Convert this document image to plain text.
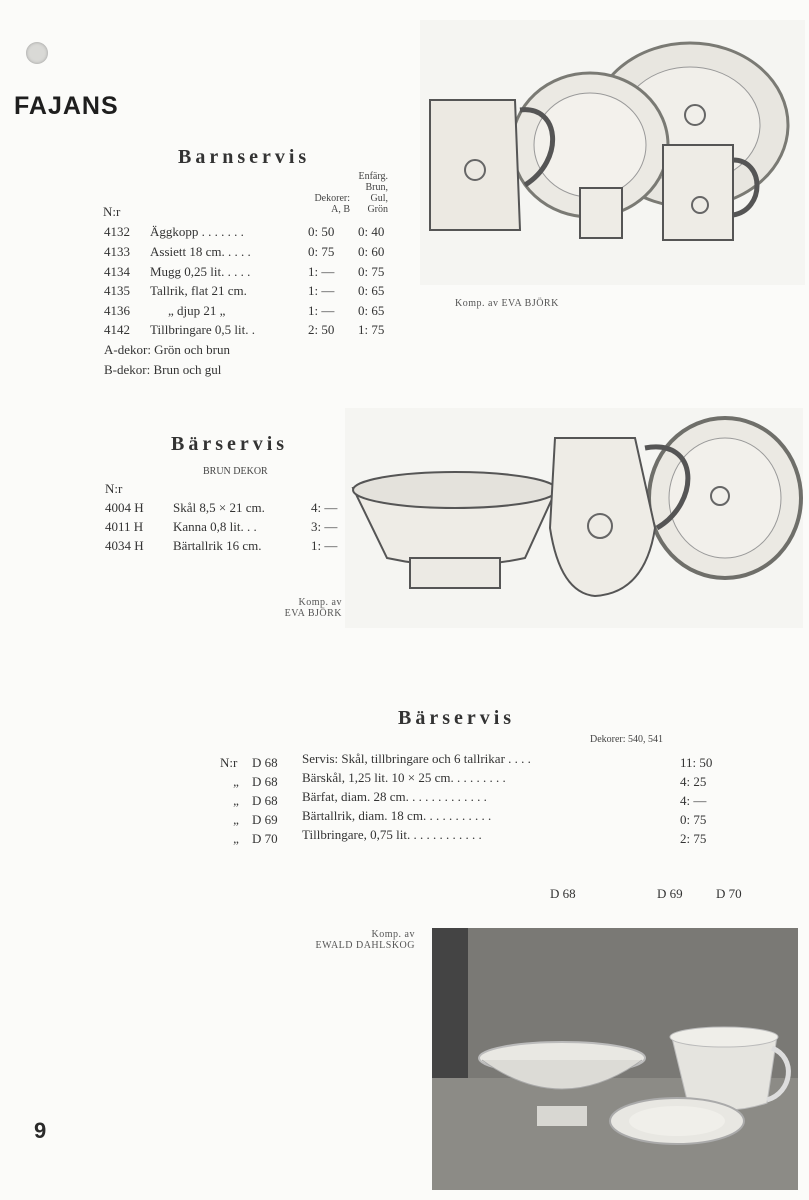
FAJANS
Barnservis
Dekorer:
A, B
Enfärg.
Brun,
Gul,
Grön
N:r
4132 Äggkopp . . . . . . .	0: 50 0: 40
4133 Assiett 18 cm. . . . .	0: 75 0: 60
4134 Mugg 0,25 lit. . . . .	1: — 0: 75
4135 Tallrik, flat 21 cm.	1: — 0: 65
4136	„ djup 21 „	1: — 0: 65
4142 Tillbringare 0,5 lit. .	2: 50 1: 75
A-dekor: Grön och brun
B-dekor: Brun och gul
Komp. av EVA BJÖRK
Bärservis
BRUN DEKOR
N:r
4004 H Skål 8,5 × 21 cm.	4: —
4011 H Kanna 0,8 lit. . .	3: —
4034 H Bärtallrik 16 cm.	1: —
Komp. av
EVA BJÖRK
Bärservis
Dekorer: 540, 541
N:r D 68 Servis: Skål, tillbringare och 6 tallrikar . . . .	11: 50
„ D 68 Bärskål, 1,25 lit. 10 × 25 cm. . . . . . . . .	4: 25
„ D 68 Bärfat, diam. 28 cm. . . . . . . . . . . . .	4: —
„ D 69 Bärtallrik, diam. 18 cm. . . . . . . . . . .	0: 75
„ D 70 Tillbringare, 0,75 lit. . . . . . . . . . . .	2: 75
D 68	D 69	D 70
Komp. av
EWALD DAHLSKOG
9
